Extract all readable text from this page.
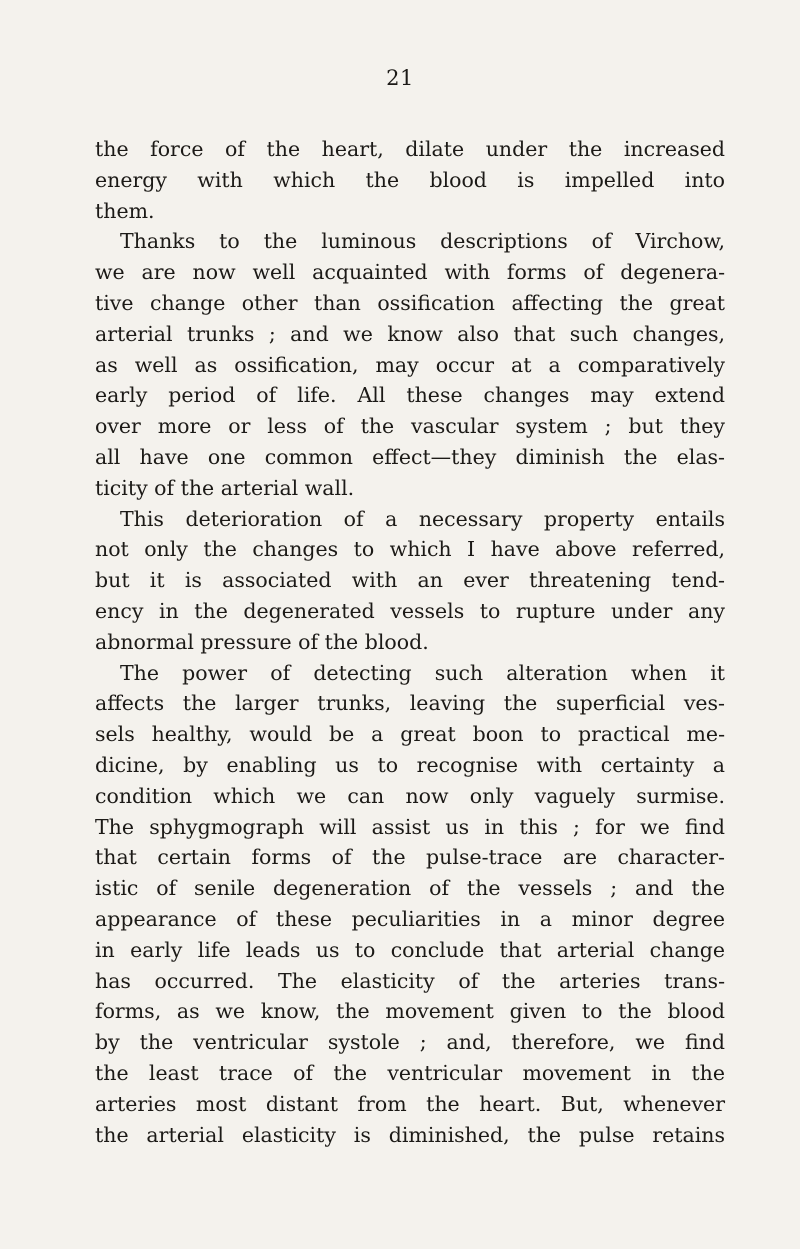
21
the force of the heart, dilate under the increased
energy with which the blood is impelled into
them.
Thanks to the luminous descriptions of Virchow,
we are now well acquainted with forms of degenera-
tive change other than ossification affecting the great
arterial trunks ; and we know also that such changes,
as well as ossification, may occur at a comparatively
early period of life. All these changes may extend
over more or less of the vascular system ; but they
all have one common effect—they diminish the elas-
ticity of the arterial wall.
This deterioration of a necessary property entails
not only the changes to which I have above referred,
but it is associated with an ever threatening tend-
ency in the degenerated vessels to rupture under any
abnormal pressure of the blood.
The power of detecting such alteration when it
affects the larger trunks, leaving the superficial ves-
sels healthy, would be a great boon to practical me-
dicine, by enabling us to recognise with certainty a
condition which we can now only vaguely surmise.
The sphygmograph will assist us in this ; for we find
that certain forms of the pulse-trace are character-
istic of senile degeneration of the vessels ; and the
appearance of these peculiarities in a minor degree
in early life leads us to conclude that arterial change
has occurred. The elasticity of the arteries trans-
forms, as we know, the movement given to the blood
by the ventricular systole ; and, therefore, we find
the least trace of the ventricular movement in the
arteries most distant from the heart. But, whenever
the arterial elasticity is diminished, the pulse retains
